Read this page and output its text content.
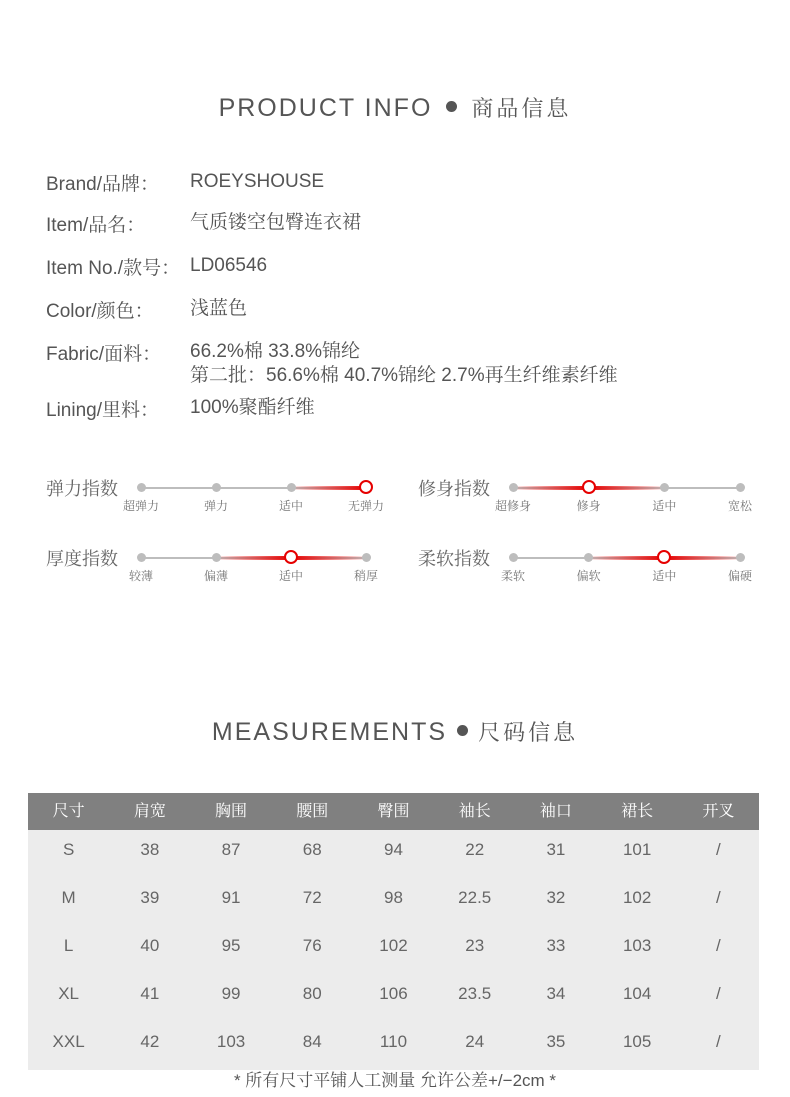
PRODUCT INFO 商品信息
Brand/品牌： ROEYSHOUSE
Item/品名： 气质镂空包臀连衣裙
Item No./款号： LD06546
Color/颜色： 浅蓝色
Fabric/面料： 66.2%棉 33.8%锦纶
第二批：56.6%棉 40.7%锦纶 2.7%再生纤维素纤维
Lining/里料： 100%聚酯纤维
弹力指数
超弹力	弹力	适中	无弹力
修身指数
超修身	修身	适中	宽松
厚度指数
较薄	偏薄	适中	稍厚
柔软指数
柔软	偏软	适中	偏硬
MEASUREMENTS 尺码信息
尺寸	肩宽	胸围	腰围	臀围	袖长	袖口	裙长	开叉
S	38	87	68	94	22	31	101	/
M	39	91	72	98	22.5	32	102	/
L	40	95	76	102	23	33	103	/
XL	41	99	80	106	23.5	34	104	/
XXL	42	103	84	110	24	35	105	/
* 所有尺寸平铺人工测量 允许公差+/−2cm *
